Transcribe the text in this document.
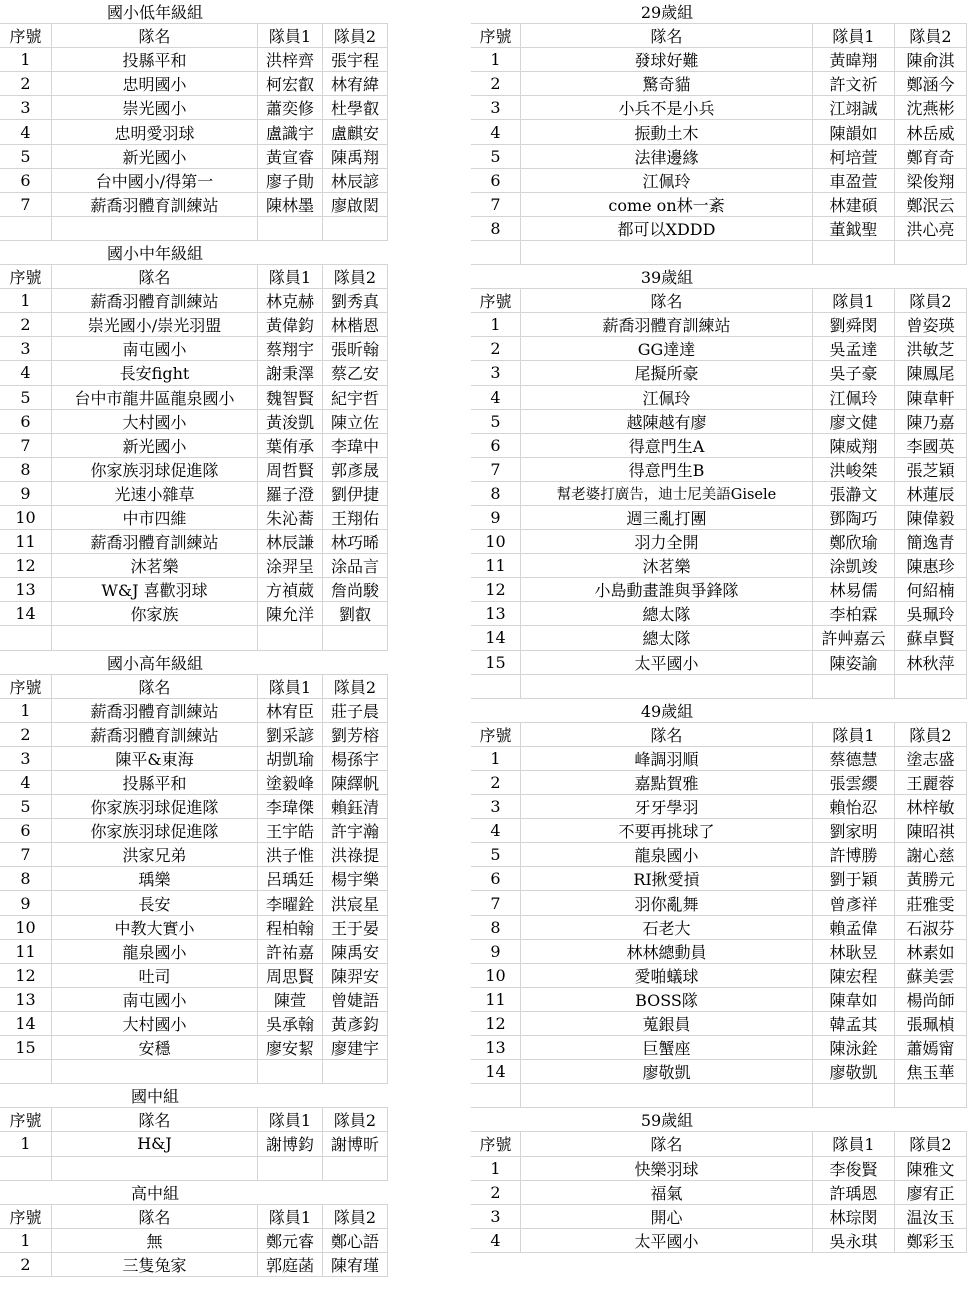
國小低年級組
序號	隊名	隊員1	隊員2
1	投縣平和	洪梓齊	張宇程
2	忠明國小	柯宏叡	林宥緯
3	崇光國小	蕭奕修	杜學叡
4	忠明愛羽球	盧識宇	盧麒安
5	新光國小	黃宣睿	陳禹翔
6	台中國小/得第一	廖子勛	林辰諺
7	薪喬羽體育訓練站	陳林墨	廖啟閎
國小中年級組
序號	隊名	隊員1	隊員2
1	薪喬羽體育訓練站	林克赫	劉秀真
2	崇光國小/崇光羽盟	黃偉鈞	林楷恩
3	南屯國小	蔡翔宇	張昕翰
4	長安fight	謝秉澤	蔡乙安
5	台中市龍井區龍泉國小	魏智賢	紀宇哲
6	大村國小	黃浚凱	陳立佐
7	新光國小	葉侑承	李瑋中
8	你家族羽球促進隊	周哲賢	郭彥晟
9	光速小雜草	羅子澄	劉伊捷
10	中市四維	朱沁蕎	王翔佑
11	薪喬羽體育訓練站	林辰謙	林巧晞
12	沐茗樂	涂羿呈	涂品言
13	W&J 喜歡羽球	方禎葳	詹尚駿
14	你家族	陳允洋	劉叡
國小高年級組
序號	隊名	隊員1	隊員2
1	薪喬羽體育訓練站	林宥臣	莊子晨
2	薪喬羽體育訓練站	劉采諺	劉芳榕
3	陳平&東海	胡凱瑜	楊孫宇
4	投縣平和	塗毅峰	陳繹帆
5	你家族羽球促進隊	李瑋傑	賴鈺清
6	你家族羽球促進隊	王宇皓	許宇瀚
7	洪家兄弟	洪子惟	洪祿提
8	瑀樂	呂瑀廷	楊宇樂
9	長安	李曜銓	洪宸星
10	中教大實小	程柏翰	王于晏
11	龍泉國小	許祐嘉	陳禹安
12	吐司	周思賢	陳羿安
13	南屯國小	陳萱	曾婕語
14	大村國小	吳承翰	黃彥鈞
15	安穩	廖安絜	廖建宇
國中組
序號	隊名	隊員1	隊員2
1	H&J	謝博鈞	謝博昕
高中組
序號	隊名	隊員1	隊員2
1	無	鄭元睿	鄭心語
2	三隻兔家	郭庭菡	陳宥瑾
29歲組
序號	隊名	隊員1	隊員2
1	發球好難	黃暐翔	陳俞淇
2	驚奇貓	許文祈	鄭涵今
3	小兵不是小兵	江翊誠	沈燕彬
4	振動土木	陳韻如	林岳威
5	法律邊緣	柯培萱	鄭育奇
6	江佩玲	車盈萱	梁俊翔
7	come on林一紊	林建碩	鄭泯云
8	都可以XDDD	董鉞聖	洪心亮
39歲組
序號	隊名	隊員1	隊員2
1	薪喬羽體育訓練站	劉舜閔	曾姿瑛
2	GG達達	吳孟達	洪敏芝
3	尾擬所豪	吳子豪	陳鳳尾
4	江佩玲	江佩玲	陳韋軒
5	越陳越有廖	廖文健	陳乃嘉
6	得意門生A	陳威翔	李國英
7	得意門生B	洪峻桀	張芝穎
8	幫老婆打廣告，迪士尼美語Gisele	張瀞文	林蓮辰
9	週三亂打團	鄧陶巧	陳偉毅
10	羽力全開	鄭欣瑜	簡逸青
11	沐茗樂	涂凱竣	陳惠珍
12	小島動畫誰與爭鋒隊	林易儒	何紹楠
13	總太隊	李柏霖	吳珮玲
14	總太隊	許艸嘉云	蘇卓賢
15	太平國小	陳姿諭	林秋萍
49歲組
序號	隊名	隊員1	隊員2
1	峰調羽順	蔡德慧	塗志盛
2	嘉點賀雅	張雲纓	王麗蓉
3	牙牙學羽	賴怡忍	林梓敏
4	不要再挑球了	劉家明	陳昭祺
5	龍泉國小	許博勝	謝心慈
6	RI揪愛摃	劉于穎	黃勝元
7	羽你亂舞	曾彥祥	莊雅雯
8	石老大	賴孟偉	石淑芬
9	林林總動員	林耿昱	林素如
10	愛啪蟻球	陳宏程	蘇美雲
11	BOSS隊	陳韋如	楊尚師
12	蒐銀員	韓孟其	張珮楨
13	巨蟹座	陳泳銓	蕭嫣甯
14	廖敬凱	廖敬凱	焦玉華
59歲組
序號	隊名	隊員1	隊員2
1	快樂羽球	李俊賢	陳雅文
2	福氣	許瑀恩	廖宥正
3	開心	林琮閔	温汝玉
4	太平國小	吳永琪	鄭彩玉
